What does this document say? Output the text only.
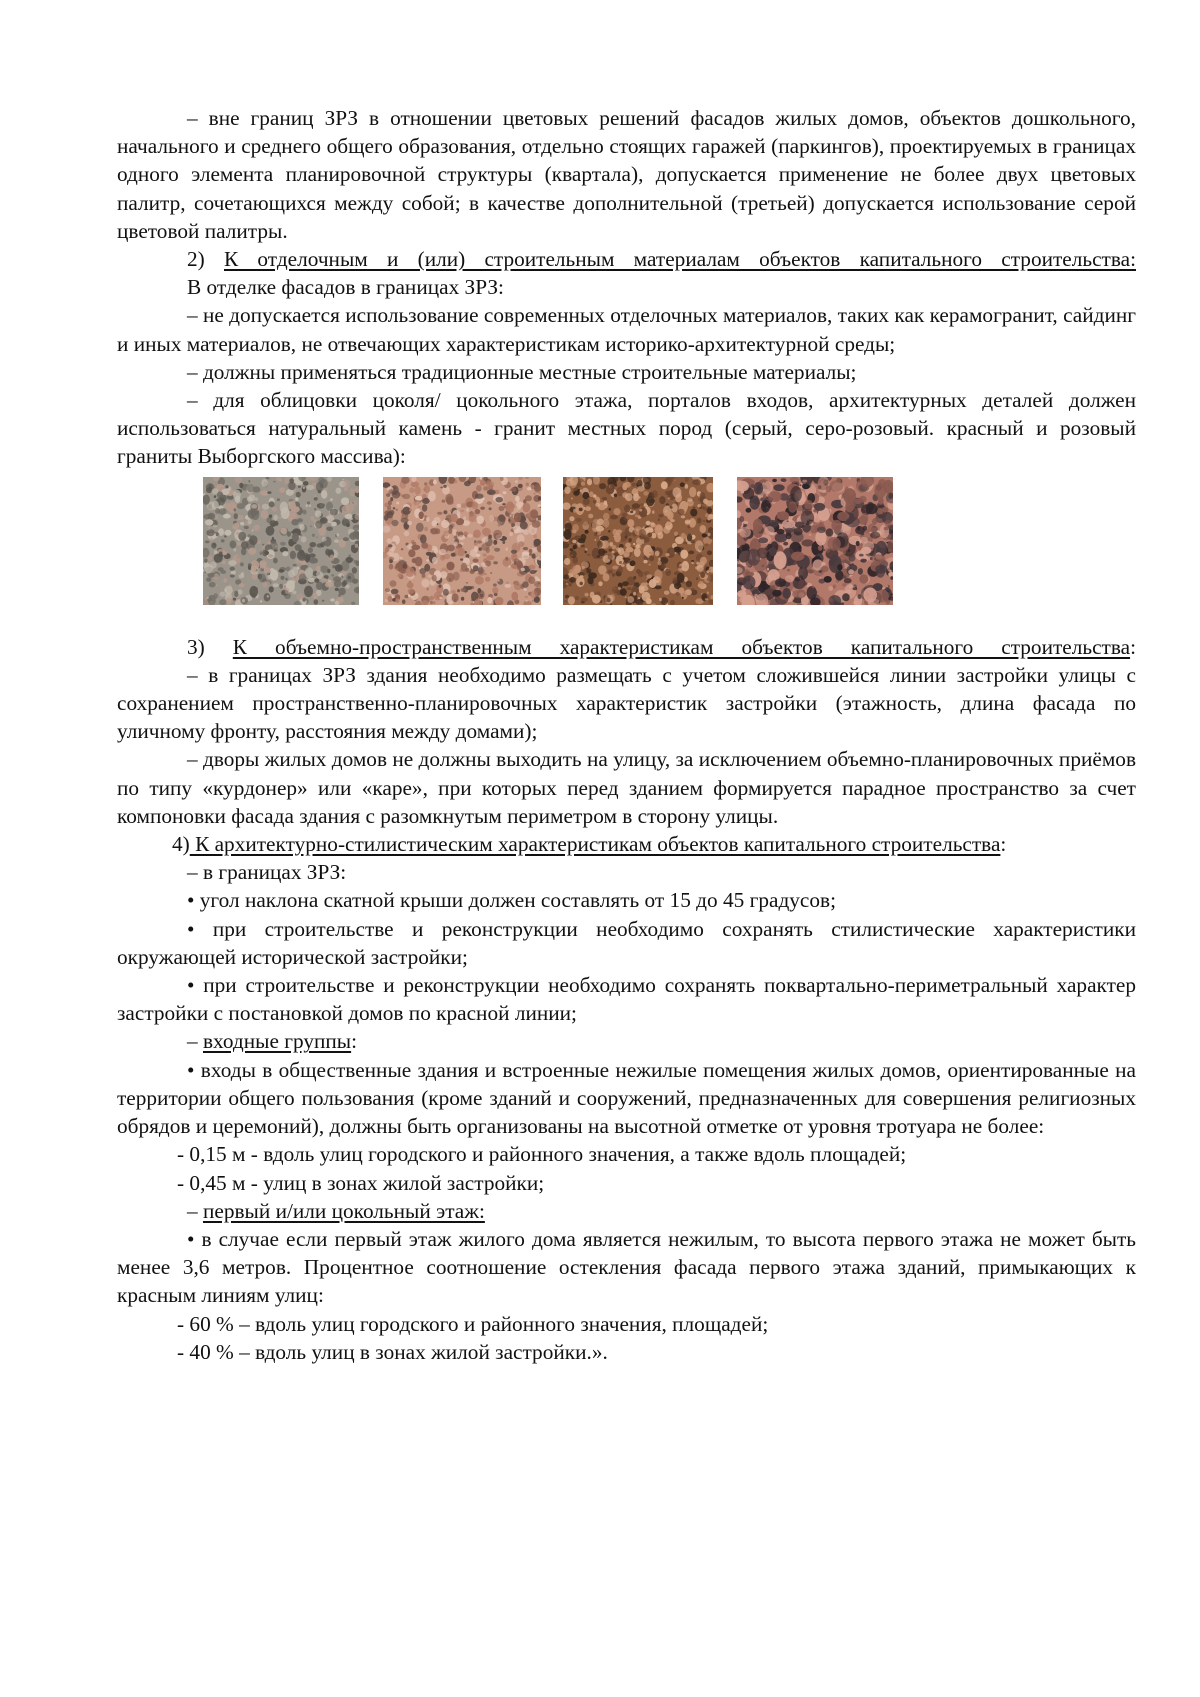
– вне границ ЗРЗ в отношении цветовых решений фасадов жилых домов, объектов дошкольного, начального и среднего общего образования, отдельно стоящих гаражей (паркингов), проектируемых в границах одного элемента планировочной структуры (квартала), допускается применение не более двух цветовых палитр, сочетающихся между собой; в качестве дополнительной (третьей) допускается использование серой цветовой палитры.

2) К отделочным и (или) строительным материалам объектов капитального строительства:

В отделке фасадов в границах ЗРЗ:

– не допускается использование современных отделочных материалов, таких как керамогранит, сайдинг и иных материалов, не отвечающих характеристикам историко-архитектурной среды;

– должны применяться традиционные местные строительные материалы;

– для облицовки цоколя/ цокольного этажа, порталов входов, архитектурных деталей должен использоваться натуральный камень - гранит местных пород (серый, серо-розовый. красный и розовый граниты Выборгского массива):

3) К объемно-пространственным характеристикам объектов капитального строительства:

– в границах ЗРЗ здания необходимо размещать с учетом сложившейся линии застройки улицы с сохранением пространственно-планировочных характеристик застройки (этажность, длина фасада по уличному фронту, расстояния между домами);

– дворы жилых домов не должны выходить на улицу, за исключением объемно-планировочных приёмов по типу «курдонер» или «каре», при которых перед зданием формируется парадное пространство за счет компоновки фасада здания с разомкнутым периметром в сторону улицы.

4) К архитектурно-стилистическим характеристикам объектов капитального строительства:

– в границах ЗРЗ:

• угол наклона скатной крыши должен составлять от 15 до 45 градусов;

• при строительстве и реконструкции необходимо сохранять стилистические характеристики окружающей исторической застройки;

• при строительстве и реконструкции необходимо сохранять поквартально-периметральный характер застройки с постановкой домов по красной линии;

– входные группы:

• входы в общественные здания и встроенные нежилые помещения жилых домов, ориентированные на территории общего пользования (кроме зданий и сооружений, предназначенных для совершения религиозных обрядов и церемоний), должны быть организованы на высотной отметке от уровня тротуара не более:

- 0,15 м - вдоль улиц городского и районного значения, а также вдоль площадей;

- 0,45 м - улиц в зонах жилой застройки;

– первый и/или цокольный этаж:

• в случае если первый этаж жилого дома является нежилым, то высота первого этажа не может быть менее 3,6 метров. Процентное соотношение остекления фасада первого этажа зданий, примыкающих к красным линиям улиц:

- 60 % – вдоль улиц городского и районного значения, площадей;

- 40 % – вдоль улиц в зонах жилой застройки.».
